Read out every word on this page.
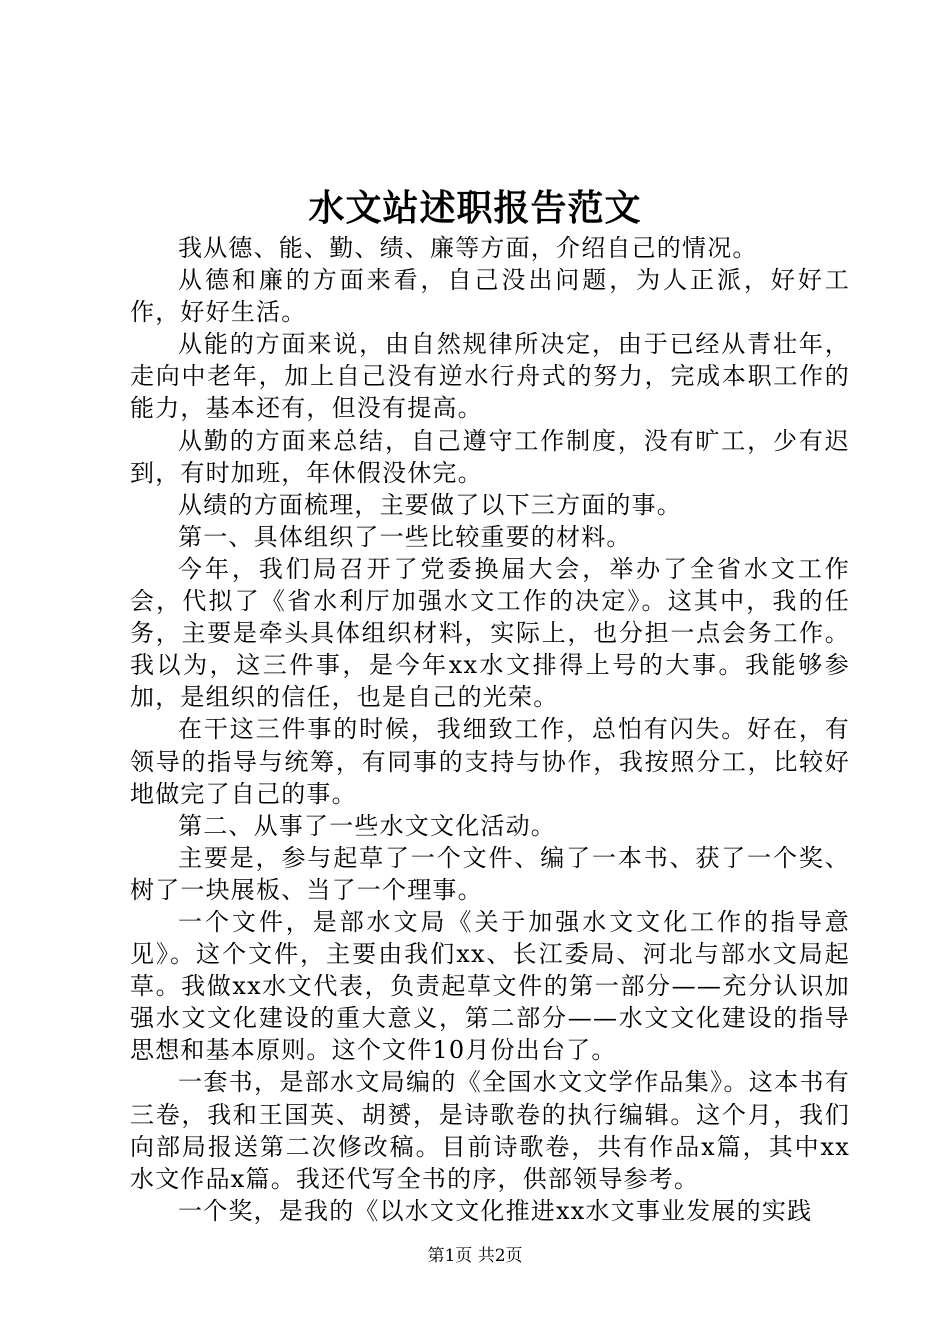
水文站述职报告范文

我从德、能、勤、绩、廉等方面，介绍自己的情况。

从德和廉的方面来看，自己没出问题，为人正派，好好工作，好好生活。

从能的方面来说，由自然规律所决定，由于已经从青壮年，走向中老年，加上自己没有逆水行舟式的努力，完成本职工作的能力，基本还有，但没有提高。

从勤的方面来总结，自己遵守工作制度，没有旷工，少有迟到，有时加班，年休假没休完。

从绩的方面梳理，主要做了以下三方面的事。

第一、具体组织了一些比较重要的材料。

今年，我们局召开了党委换届大会，举办了全省水文工作会，代拟了《省水利厅加强水文工作的决定》。这其中，我的任务，主要是牵头具体组织材料，实际上，也分担一点会务工作。我以为，这三件事，是今年xx水文排得上号的大事。我能够参加，是组织的信任，也是自己的光荣。

在干这三件事的时候，我细致工作，总怕有闪失。好在，有领导的指导与统筹，有同事的支持与协作，我按照分工，比较好地做完了自己的事。

第二、从事了一些水文文化活动。

主要是，参与起草了一个文件、编了一本书、获了一个奖、树了一块展板、当了一个理事。

一个文件，是部水文局《关于加强水文文化工作的指导意见》。这个文件，主要由我们xx、长江委局、河北与部水文局起草。我做xx水文代表，负责起草文件的第一部分——充分认识加强水文文化建设的重大意义，第二部分——水文文化建设的指导思想和基本原则。这个文件10月份出台了。

一套书，是部水文局编的《全国水文文学作品集》。这本书有三卷，我和王国英、胡赟，是诗歌卷的执行编辑。这个月，我们向部局报送第二次修改稿。目前诗歌卷，共有作品x篇，其中xx水文作品x篇。我还代写全书的序，供部领导参考。

一个奖，是我的《以水文文化推进xx水文事业发展的实践

第1页 共2页
